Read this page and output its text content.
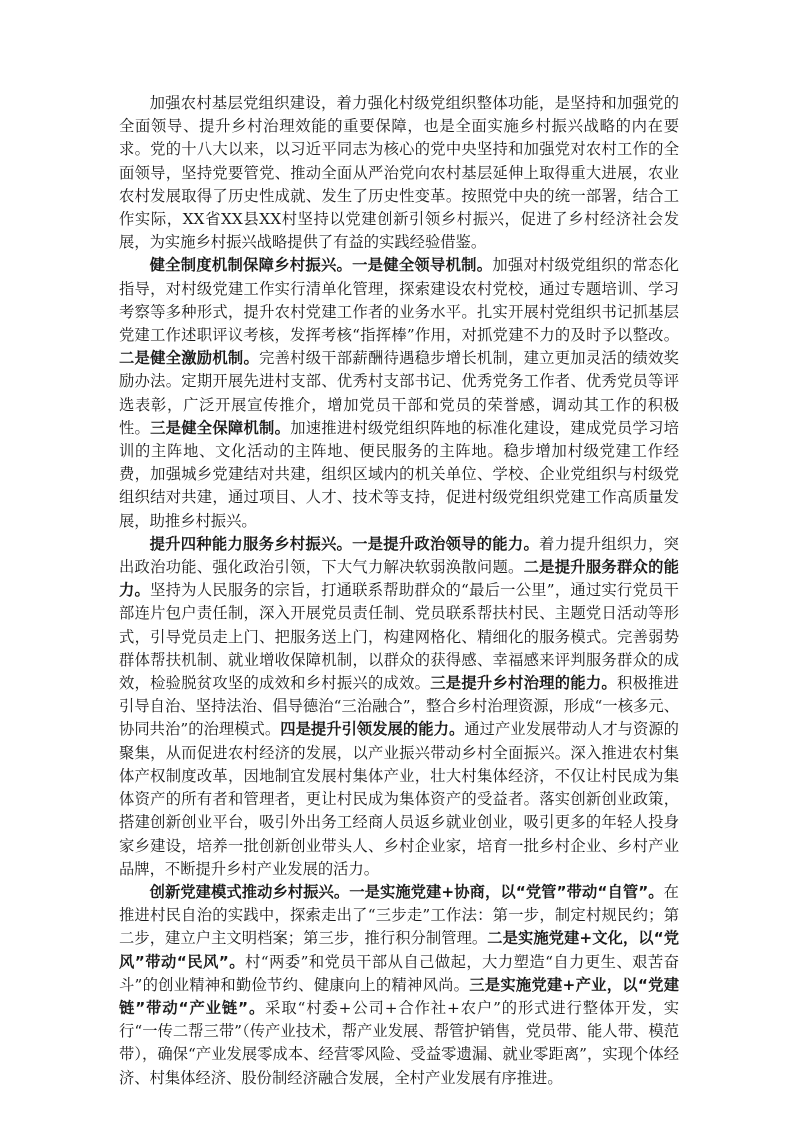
加强农村基层党组织建设，着力强化村级党组织整体功能，是坚持和加强党的全面领导、提升乡村治理效能的重要保障，也是全面实施乡村振兴战略的内在要求。党的十八大以来，以习近平同志为核心的党中央坚持和加强党对农村工作的全面领导，坚持党要管党、推动全面从严治党向农村基层延伸上取得重大进展，农业农村发展取得了历史性成就、发生了历史性变革。按照党中央的统一部署，结合工作实际，XX省XX县XX村坚持以党建创新引领乡村振兴，促进了乡村经济社会发展，为实施乡村振兴战略提供了有益的实践经验借鉴。

健全制度机制保障乡村振兴。一是健全领导机制。加强对村级党组织的常态化指导，对村级党建工作实行清单化管理，探索建设农村党校，通过专题培训、学习考察等多种形式，提升农村党建工作者的业务水平。扎实开展村党组织书记抓基层党建工作述职评议考核，发挥考核“指挥棒”作用，对抓党建不力的及时予以整改。二是健全激励机制。完善村级干部薪酬待遇稳步增长机制，建立更加灵活的绩效奖励办法。定期开展先进村支部、优秀村支部书记、优秀党务工作者、优秀党员等评选表彰，广泛开展宣传推介，增加党员干部和党员的荣誉感，调动其工作的积极性。三是健全保障机制。加速推进村级党组织阵地的标准化建设，建成党员学习培训的主阵地、文化活动的主阵地、便民服务的主阵地。稳步增加村级党建工作经费，加强城乡党建结对共建，组织区域内的机关单位、学校、企业党组织与村级党组织结对共建，通过项目、人才、技术等支持，促进村级党组织党建工作高质量发展，助推乡村振兴。

提升四种能力服务乡村振兴。一是提升政治领导的能力。着力提升组织力，突出政治功能、强化政治引领，下大气力解决软弱涣散问题。二是提升服务群众的能力。坚持为人民服务的宗旨，打通联系帮助群众的“最后一公里”，通过实行党员干部连片包户责任制，深入开展党员责任制、党员联系帮扶村民、主题党日活动等形式，引导党员走上门、把服务送上门，构建网格化、精细化的服务模式。完善弱势群体帮扶机制、就业增收保障机制，以群众的获得感、幸福感来评判服务群众的成效，检验脱贫攻坚的成效和乡村振兴的成效。三是提升乡村治理的能力。积极推进引导自治、坚持法治、倡导德治“三治融合”，整合乡村治理资源，形成“一核多元、协同共治”的治理模式。四是提升引领发展的能力。通过产业发展带动人才与资源的聚集，从而促进农村经济的发展，以产业振兴带动乡村全面振兴。深入推进农村集体产权制度改革，因地制宜发展村集体产业，壮大村集体经济，不仅让村民成为集体资产的所有者和管理者，更让村民成为集体资产的受益者。落实创新创业政策，搭建创新创业平台，吸引外出务工经商人员返乡就业创业，吸引更多的年轻人投身家乡建设，培养一批创新创业带头人、乡村企业家，培育一批乡村企业、乡村产业品牌，不断提升乡村产业发展的活力。

创新党建模式推动乡村振兴。一是实施党建+协商，以“党管”带动“自管”。在推进村民自治的实践中，探索走出了“三步走”工作法：第一步，制定村规民约；第二步，建立户主文明档案；第三步，推行积分制管理。二是实施党建+文化，以“党风”带动“民风”。村“两委”和党员干部从自己做起，大力塑造“自力更生、艰苦奋斗”的创业精神和勤俭节约、健康向上的精神风尚。三是实施党建+产业，以“党建链”带动“产业链”。采取“村委+公司+合作社+农户”的形式进行整体开发，实行“一传二帮三带”（传产业技术，帮产业发展、帮管护销售，党员带、能人带、模范带），确保“产业发展零成本、经营零风险、受益零遗漏、就业零距离”，实现个体经济、村集体经济、股份制经济融合发展，全村产业发展有序推进。
